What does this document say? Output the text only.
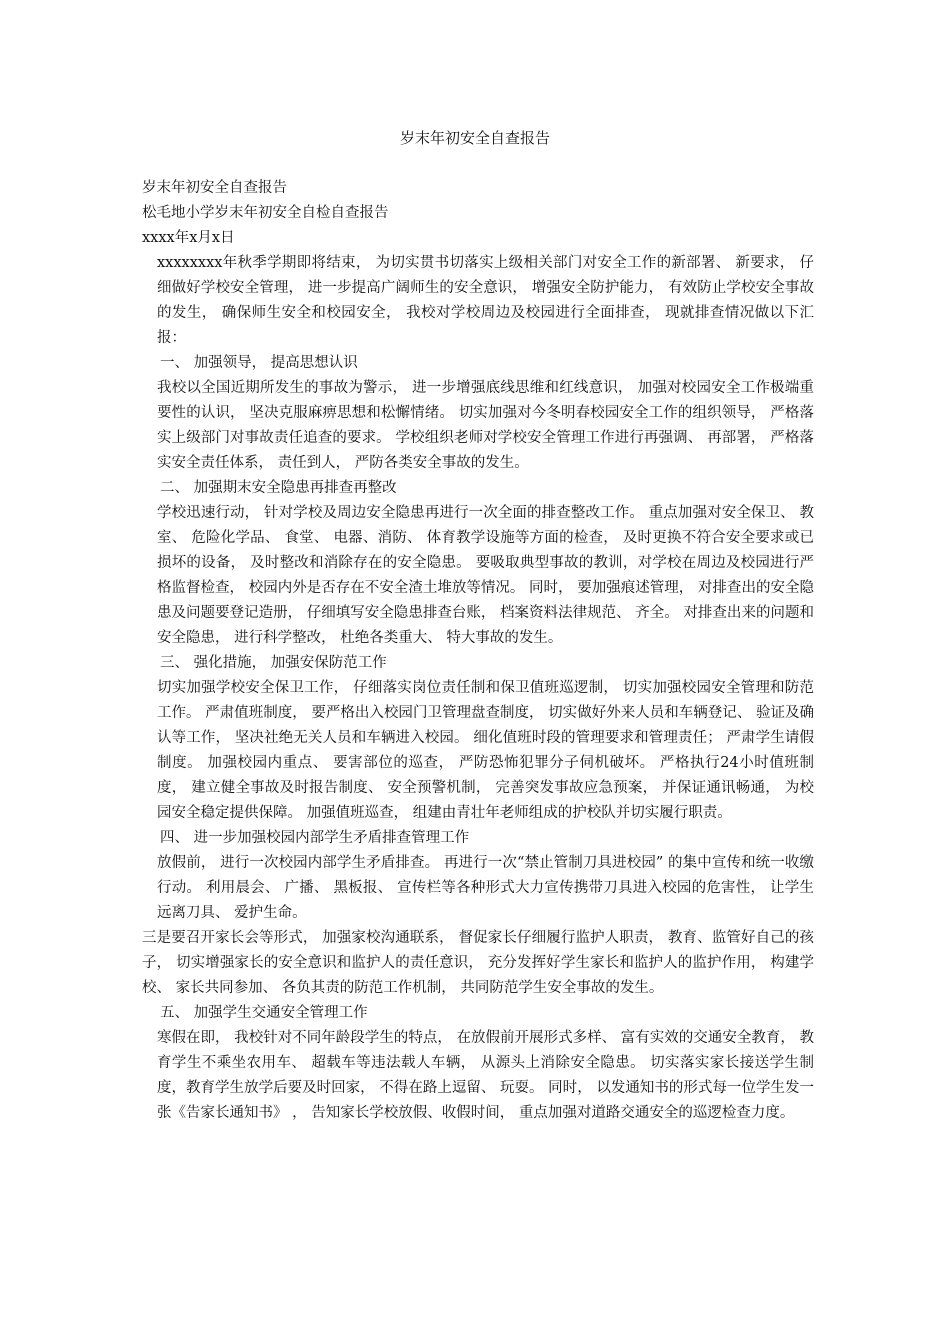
岁末年初安全自查报告

岁末年初安全自查报告

松毛地小学岁末年初安全自检自查报告

xxxx年x月x日

xxxxxxxx年秋季学期即将结束， 为切实贯书切落实上级相关部门对安全工作的新部署、 新要求， 仔细做好学校安全管理， 进一步提高广阔师生的安全意识， 增强安全防护能力， 有效防止学校安全事故的发生， 确保师生安全和校园安全， 我校对学校周边及校园进行全面排查， 现就排查情况做以下汇报：

一、 加强领导， 提高思想认识

我校以全国近期所发生的事故为警示， 进一步增强底线思维和红线意识， 加强对校园安全工作极端重要性的认识， 坚决克服麻痹思想和松懈情绪。 切实加强对今冬明春校园安全工作的组织领导， 严格落实上级部门对事故责任追查的要求。 学校组织老师对学校安全管理工作进行再强调、 再部署， 严格落实安全责任体系， 责任到人， 严防各类安全事故的发生。

二、 加强期末安全隐患再排查再整改

学校迅速行动， 针对学校及周边安全隐患再进行一次全面的排查整改工作。 重点加强对安全保卫、 教室、 危险化学品、 食堂、 电器、消防、 体育教学设施等方面的检查， 及时更换不符合安全要求或已损坏的设备， 及时整改和消除存在的安全隐患。 要吸取典型事故的教训，对学校在周边及校园进行严格监督检查， 校园内外是否存在不安全渣土堆放等情况。 同时， 要加强痕述管理， 对排查出的安全隐患及问题要登记造册， 仔细填写安全隐患排查台账， 档案资料法律规范、 齐全。 对排查出来的问题和安全隐患， 进行科学整改， 杜绝各类重大、 特大事故的发生。

三、 强化措施， 加强安保防范工作

切实加强学校安全保卫工作， 仔细落实岗位责任制和保卫值班巡逻制， 切实加强校园安全管理和防范工作。 严肃值班制度， 要严格出入校园门卫管理盘查制度， 切实做好外来人员和车辆登记、 验证及确认等工作， 坚决社绝无关人员和车辆进入校园。 细化值班时段的管理要求和管理责任； 严肃学生请假制度。 加强校园内重点、 要害部位的巡查， 严防恐怖犯罪分子伺机破坏。 严格执行24小时值班制度， 建立健全事故及时报告制度、 安全预警机制， 完善突发事故应急预案， 并保证通讯畅通， 为校园安全稳定提供保障。 加强值班巡查， 组建由青壮年老师组成的护校队并切实履行职责。

四、 进一步加强校园内部学生矛盾排查管理工作

放假前， 进行一次校园内部学生矛盾排查。 再进行一次“禁止管制刀具进校园” 的集中宣传和统一收缴行动。 利用晨会、 广播、 黑板报、 宣传栏等各种形式大力宣传携带刀具进入校园的危害性， 让学生远离刀具、 爱护生命。

三是要召开家长会等形式， 加强家校沟通联系， 督促家长仔细履行监护人职责， 教育、监管好自己的孩子， 切实增强家长的安全意识和监护人的责任意识， 充分发挥好学生家长和监护人的监护作用， 构建学校、 家长共同参加、 各负其责的防范工作机制， 共同防范学生安全事故的发生。

五、 加强学生交通安全管理工作

寒假在即， 我校针对不同年龄段学生的特点， 在放假前开展形式多样、 富有实效的交通安全教育， 教育学生不乘坐农用车、 超载车等违法载人车辆， 从源头上消除安全隐患。 切实落实家长接送学生制度，教育学生放学后要及时回家， 不得在路上逗留、 玩耍。 同时， 以发通知书的形式每一位学生发一张《告家长通知书》 ， 告知家长学校放假、收假时间， 重点加强对道路交通安全的巡逻检查力度。
